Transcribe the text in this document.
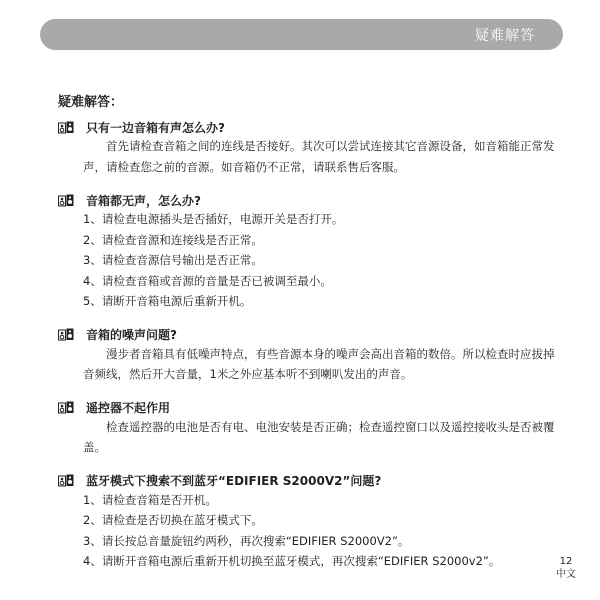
疑难解答
疑难解答：
只有一边音箱有声怎么办?

首先请检查音箱之间的连线是否接好。其次可以尝试连接其它音源设备，如音箱能正常发声，请检查您之前的音源。如音箱仍不正常，请联系售后客服。

音箱都无声，怎么办?
1、请检查电源插头是否插好，电源开关是否打开。
2、请检查音源和连接线是否正常。
3、请检查音源信号输出是否正常。
4、请检查音箱或音源的音量是否已被调至最小。
5、请断开音箱电源后重新开机。
音箱的噪声问题?

漫步者音箱具有低噪声特点，有些音源本身的噪声会高出音箱的数倍。所以检查时应拔掉音频线，然后开大音量，1米之外应基本听不到喇叭发出的声音。

遥控器不起作用

检查遥控器的电池是否有电、电池安装是否正确；检查遥控窗口以及遥控接收头是否被覆盖。

蓝牙模式下搜索不到蓝牙“EDIFIER S2000V2”问题?
1、请检查音箱是否开机。
2、请检查是否切换在蓝牙模式下。
3、请长按总音量旋钮约两秒，再次搜索“EDIFIER S2000V2”。
4、请断开音箱电源后重新开机切换至蓝牙模式，再次搜索“EDIFIER S2000v2”。	12
中文
